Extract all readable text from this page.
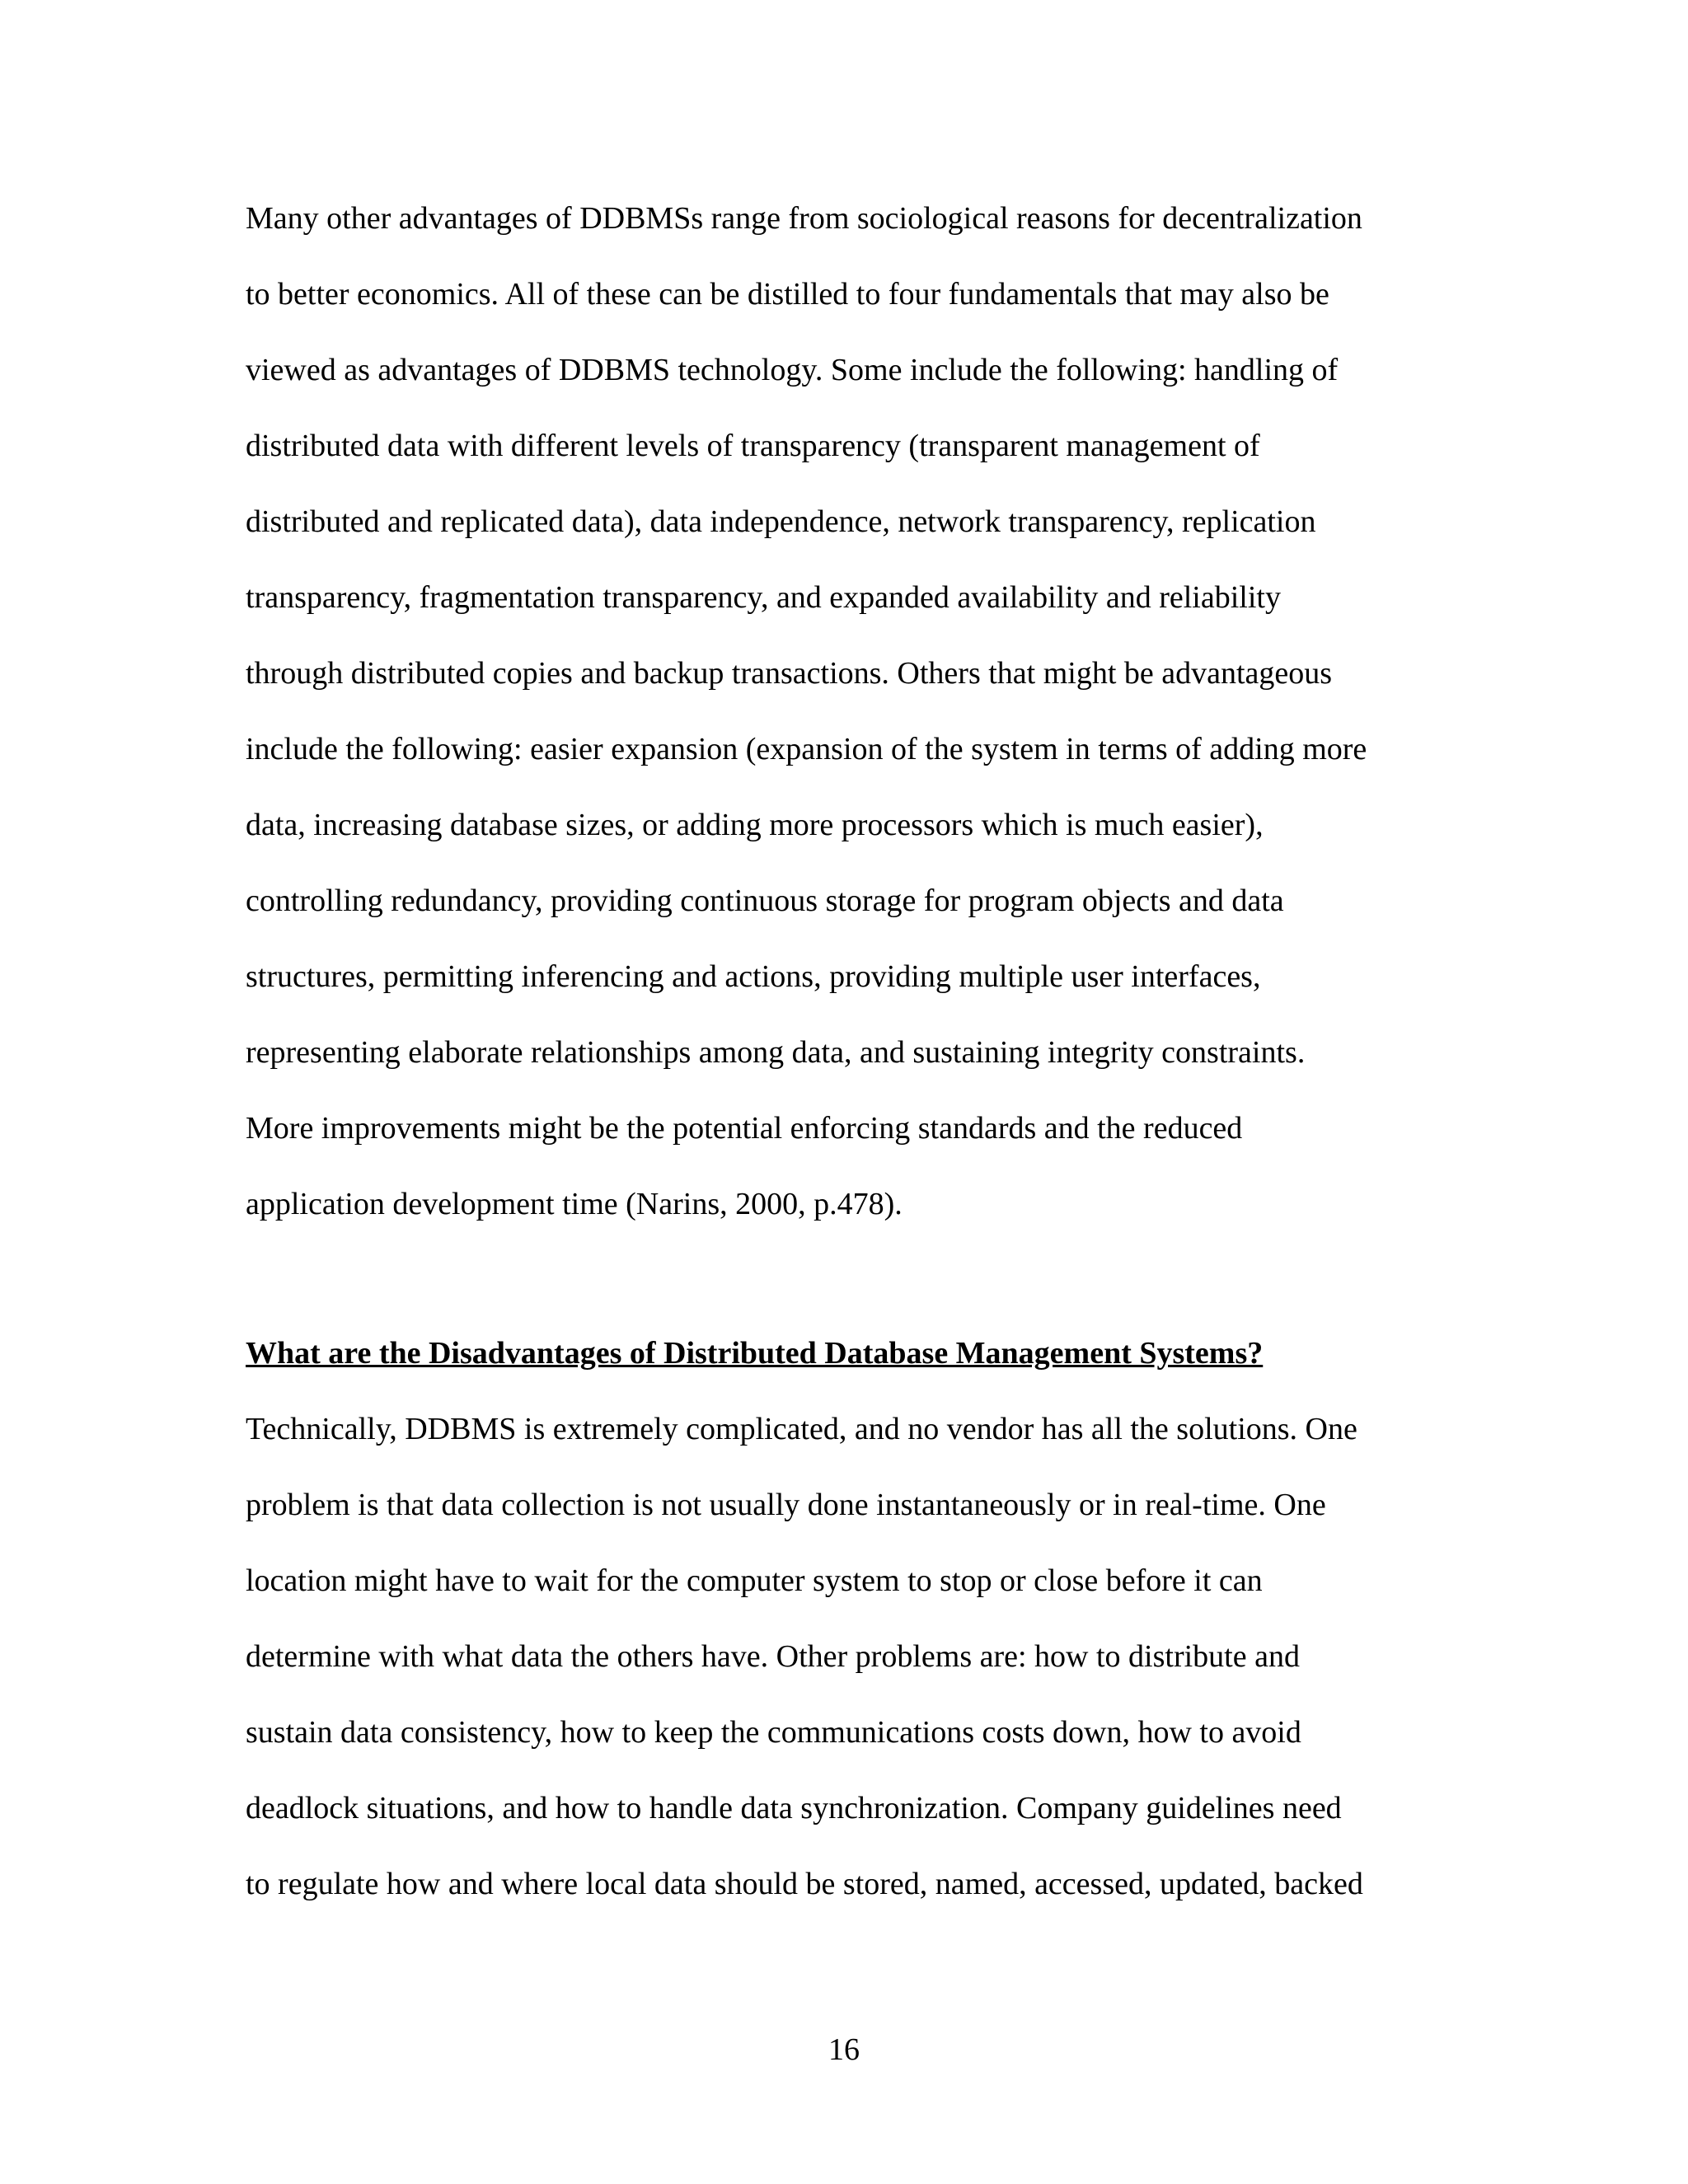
Many other advantages of DDBMSs range from sociological reasons for decentralization
to better economics. All of these can be distilled to four fundamentals that may also be
viewed as advantages of DDBMS technology. Some include the following: handling of
distributed data with different levels of transparency (transparent management of
distributed and replicated data), data independence, network transparency, replication
transparency, fragmentation transparency, and expanded availability and reliability
through distributed copies and backup transactions. Others that might be advantageous
include the following: easier expansion (expansion of the system in terms of adding more
data, increasing database sizes, or adding more processors which is much easier),
controlling redundancy, providing continuous storage for program objects and data
structures, permitting inferencing and actions, providing multiple user interfaces,
representing elaborate relationships among data, and sustaining integrity constraints.
More improvements might be the potential enforcing standards and the reduced
application development time (Narins, 2000, p.478).
What are the Disadvantages of Distributed Database Management Systems?
Technically, DDBMS is extremely complicated, and no vendor has all the solutions. One
problem is that data collection is not usually done instantaneously or in real-time. One
location might have to wait for the computer system to stop or close before it can
determine with what data the others have. Other problems are: how to distribute and
sustain data consistency, how to keep the communications costs down, how to avoid
deadlock situations, and how to handle data synchronization. Company guidelines need
to regulate how and where local data should be stored, named, accessed, updated, backed
16
